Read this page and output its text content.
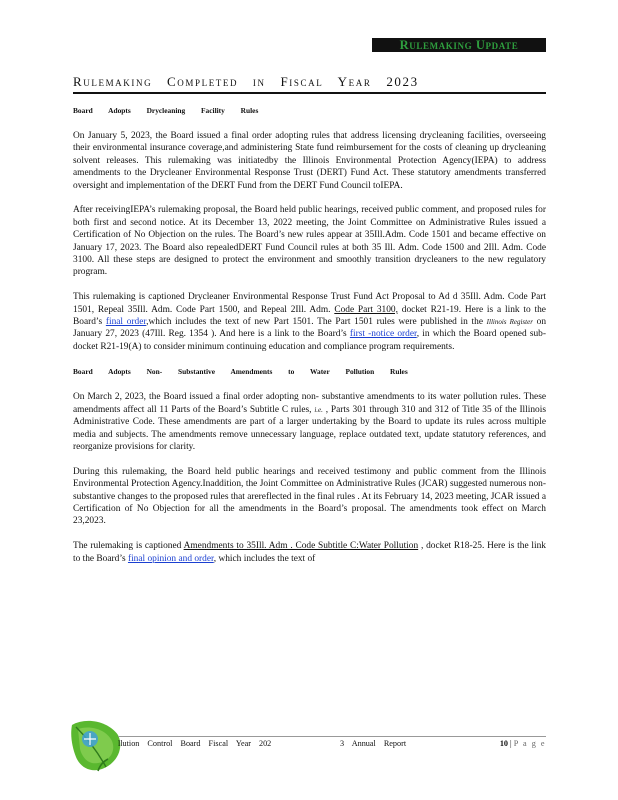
Rulemaking Update
Rulemaking Completed in Fiscal Year 2023
Board Adopts Drycleaning Facility Rules

On January 5, 2023, the Board issued a final order adopting rules that address licensing drycleaning facilities, overseeing their environmental insurance coverage,and administering State fund reimbursement for the costs of cleaning up drycleaning solvent releases. This rulemaking was initiatedby the Illinois Environmental Protection Agency(IEPA) to address amendments to the Drycleaner Environmental Response Trust (DERT) Fund Act. These statutory amendments transferred oversight and implementation of the DERT Fund from the DERT Fund Council toIEPA.

After receivingIEPA’s rulemaking proposal, the Board held public hearings, received public comment, and proposed rules for both first and second notice. At its December 13, 2022 meeting, the Joint Committee on Administrative Rules issued a Certification of No Objection on the rules. The Board’s new rules appear at 35Ill.Adm. Code 1501 and became effective on January 17, 2023. The Board also repealedDERT Fund Council rules at both 35 Ill. Adm. Code 1500 and 2Ill. Adm. Code 3100. All these steps are designed to protect the environment and smoothly transition drycleaners to the new regulatory program.

This rulemaking is captioned Drycleaner Environmental Response Trust Fund Act Proposal to Ad d 35Ill. Adm. Code Part 1501, Repeal 35Ill. Adm. Code Part 1500, and Repeal 2Ill. Adm. Code Part 3100, docket R21-19. Here is a link to the Board’s final order,which includes the text of new Part 1501. The Part 1501 rules were published in the Illinois Register on January 27, 2023 (47Ill. Reg. 1354 ). And here is a link to the Board’s first -notice order, in which the Board opened sub-docket R21-19(A) to consider minimum continuing education and compliance program requirements.

Board Adopts Non- Substantive Amendments to Water Pollution Rules

On March 2, 2023, the Board issued a final order adopting non- substantive amendments to its water pollution rules. These amendments affect all 11 Parts of the Board’s Subtitle C rules, i.e. , Parts 301 through 310 and 312 of Title 35 of the Illinois Administrative Code. These amendments are part of a larger undertaking by the Board to update its rules across multiple media and subjects. The amendments remove unnecessary language, replace outdated text, update statutory references, and reorganize provisions for clarity.

During this rulemaking, the Board held public hearings and received testimony and public comment from the Illinois Environmental Protection Agency.Inaddition, the Joint Committee on Administrative Rules (JCAR) suggested numerous non-substantive changes to the proposed rules that arereflected in the final rules . At its February 14, 2023 meeting, JCAR issued a Certification of No Objection for all the amendments in the Board’s proposal. The amendments took effect on March 23,2023.

The rulemaking is captioned Amendments to 35Ill. Adm . Code Subtitle C:Water Pollution , docket R18-25. Here is the link to the Board’s final opinion and order, which includes the text of

llution Control Board Fiscal Year 202	3 Annual Report	10 | P a g e
